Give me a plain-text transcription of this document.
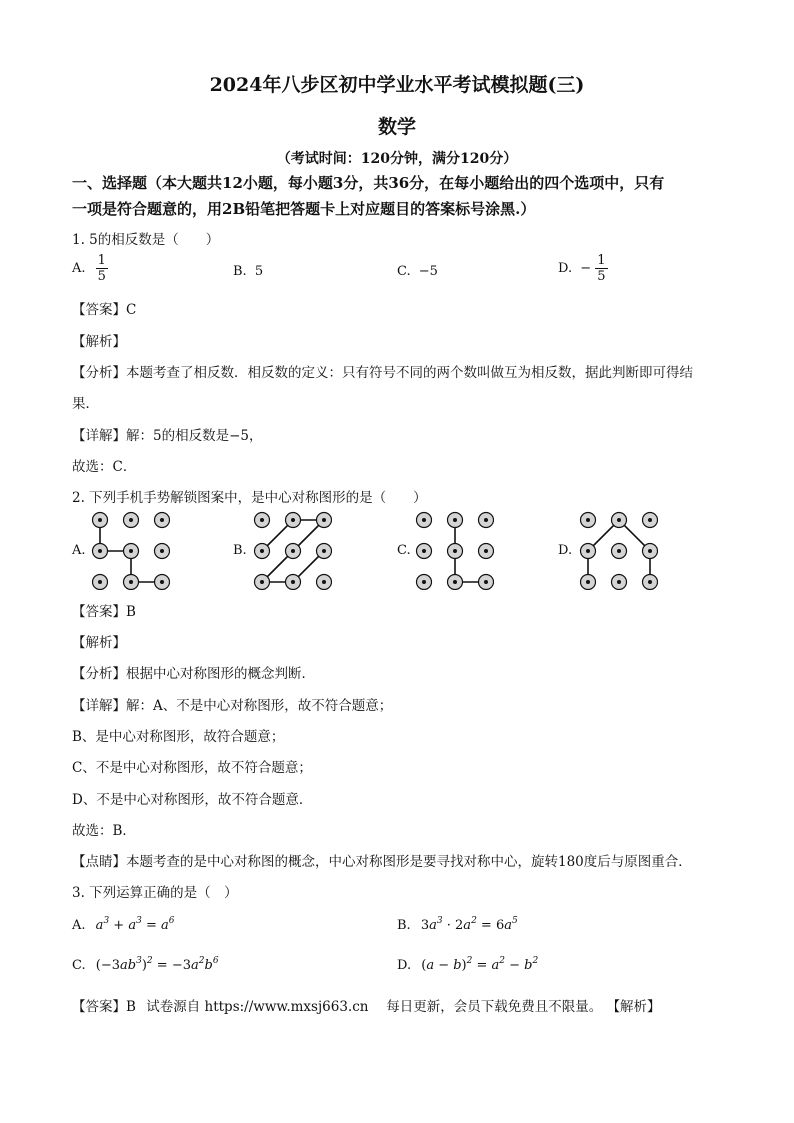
2024年八步区初中学业水平考试模拟题(三)
数学
（考试时间：120分钟，满分120分）
一、选择题（本大题共12小题，每小题3分，共36分，在每小题给出的四个选项中，只有
一项是符合题意的，用2B铅笔把答题卡上对应题目的答案标号涂黑.）
1. 5的相反数是（　　）
A. $\frac{1}{5}$	B. 5	C. −5	D. − $\frac{1}{5}$
【答案】C
【解析】
【分析】本题考查了相反数．相反数的定义：只有符号不同的两个数叫做互为相反数，据此判断即可得结
果．
【详解】解：5的相反数是−5，
故选：C．
2. 下列手机手势解锁图案中，是中心对称图形的是（　　）
A.	B.	C.	D.
【答案】B
【解析】
【分析】根据中心对称图形的概念判断．
【详解】解：A、不是中心对称图形，故不符合题意；
B、是中心对称图形，故符合题意；
C、不是中心对称图形，故不符合题意；
D、不是中心对称图形，故不符合题意．
故选：B．
【点睛】本题考查的是中心对称图的概念，中心对称图形是要寻找对称中心，旋转180度后与原图重合．
3. 下列运算正确的是（　）
A. $a^3 + a^3 = a^6$	B. $3a^3 \cdot 2a^2 = 6a^5$
C. $(-3ab^3)^2 = -3a^2b^6$	D. $(a - b)^2 = a^2 - b^2$
【答案】B 试卷源自 https://www.mxsj663.cn　 每日更新，会员下载免费且不限量。 【解析】
